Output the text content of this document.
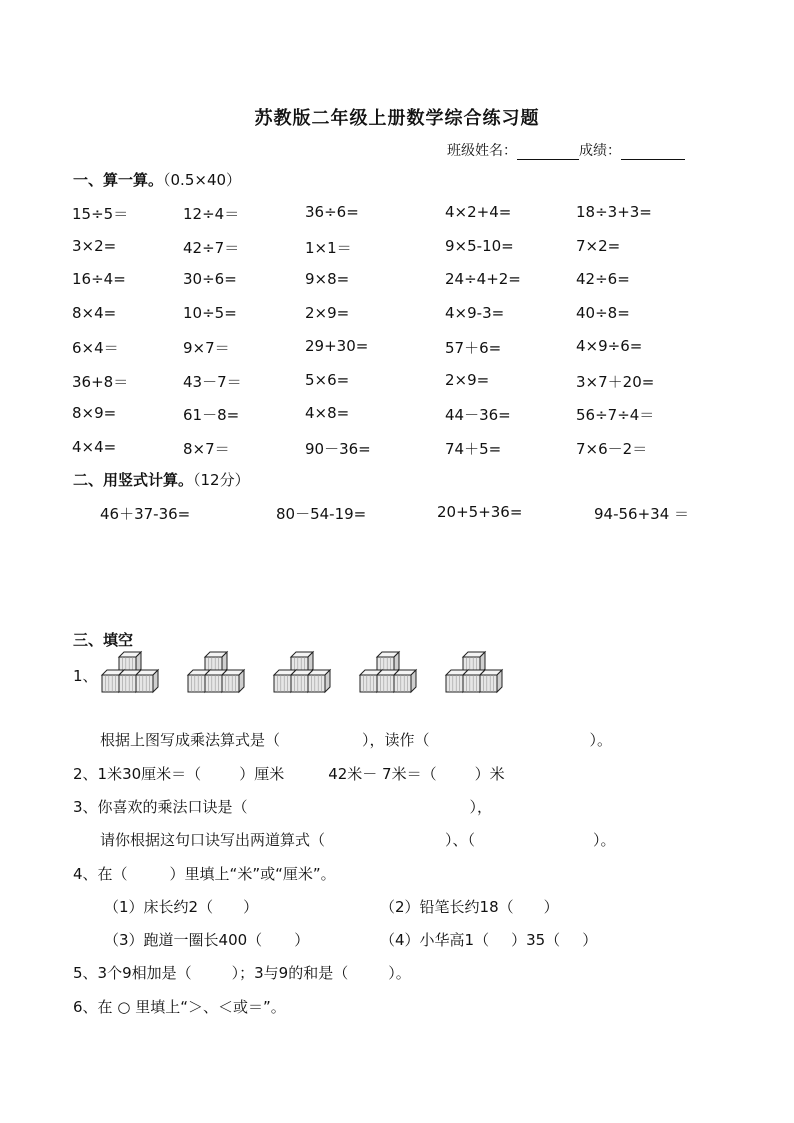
苏教版二年级上册数学综合练习题
班级姓名：	成绩：
一、算一算。（0.5×40）
15÷5＝	12÷4＝	36÷6=	4×2+4=	18÷3+3=
3×2=	42÷7＝	1×1＝	9×5-10=	7×2=
16÷4=	30÷6=	9×8=	24÷4+2=	42÷6=
8×4=	10÷5=	2×9=	4×9-3=	40÷8=
6×4＝	9×7＝	29+30=	57＋6=	4×9÷6=
36+8＝	43－7＝	5×6=	2×9=	3×7＋20=
8×9=	61－8=	4×8=	44－36=	56÷7÷4＝
4×4=	8×7＝	90－36=	74＋5=	7×6－2＝
二、用竖式计算。（12分）
46＋37-36=	80－54-19=	20+5+36=	94-56+34 ＝
三、填空
1、
根据上图写成乘法算式是（	），读作（	）。
2、1米30厘米＝（	）厘米	42米－ 7米＝（	）米
3、你喜欢的乘法口诀是（	），
请你根据这句口诀写出两道算式（	）、（	）。
4、在（	）里填上“米”或“厘米”。
（1）床长约2（ ）	（2）铅笔长约18（ ）
（3）跑道一圈长400（ ）	（4）小华高1（ ）35（ ）
5、3个9相加是（	）；3与9的和是（	）。
6、在 ○ 里填上“＞、＜或＝”。
